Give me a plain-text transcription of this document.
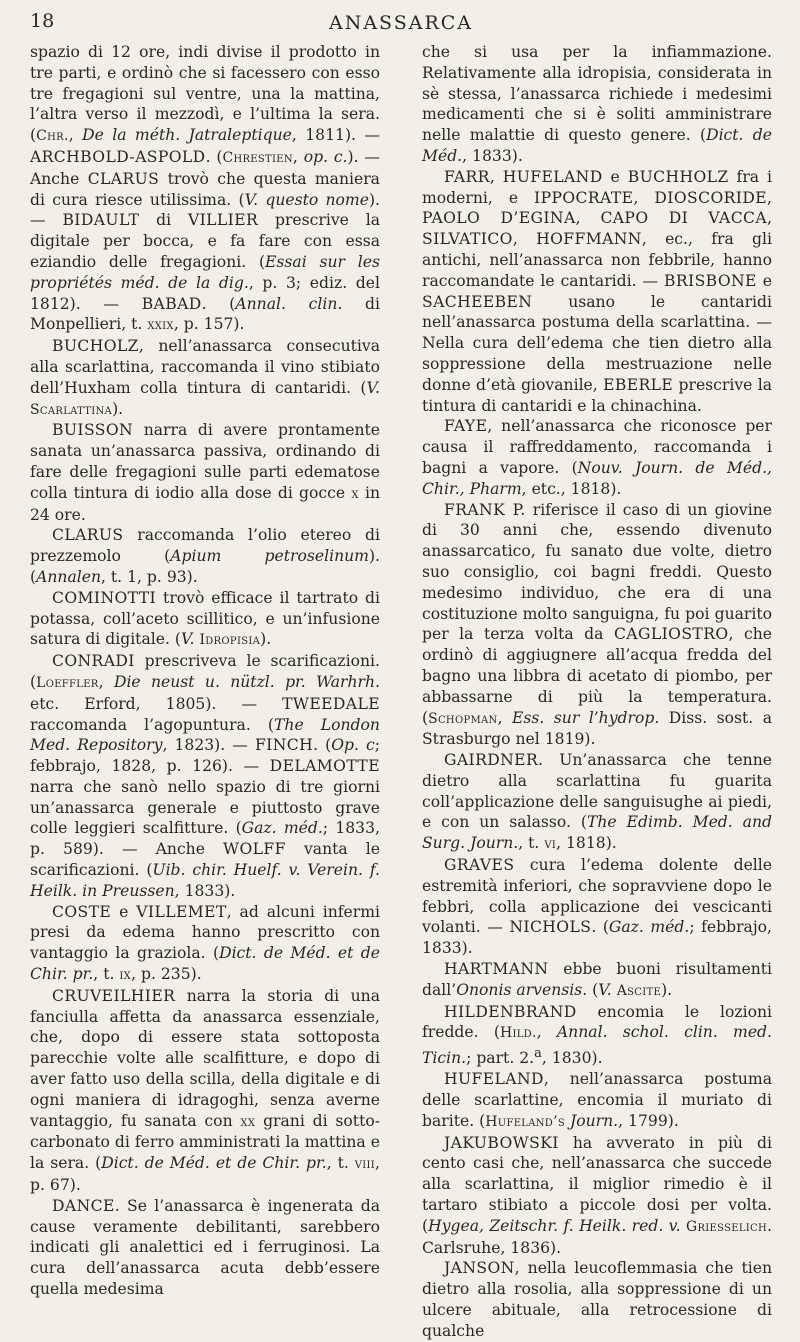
18	ANASSARCA

spazio di 12 ore, indi divise il prodotto in tre parti, e ordinò che si facessero con esso tre fregagioni sul ventre, una la mattina, l’altra verso il mezzodì, e l’ultima la sera. (Chr., De la méth. Jatraleptique, 1811). — ARCHBOLD-ASPOLD. (Chrestien, op. c.). — Anche CLARUS trovò che questa maniera di cura riesce utilissima. (V. questo nome). — BIDAULT di VILLIER prescrive la digitale per bocca, e fa fare con essa eziandio delle fregagioni. (Essai sur les propriétés méd. de la dig., p. 3; ediz. del 1812). — BABAD. (Annal. clin. di Monpellieri, t. xxix, p. 157).

BUCHOLZ, nell’anassarca consecutiva alla scarlattina, raccomanda il vino stibiato dell’Huxham colla tintura di cantaridi. (V. Scarlattina).

BUISSON narra di avere prontamente sanata un’anassarca passiva, ordinando di fare delle fregagioni sulle parti edematose colla tintura di iodio alla dose di gocce x in 24 ore.

CLARUS raccomanda l’olio etereo di prezzemolo (Apium petroselinum). (Annalen, t. 1, p. 93).

COMINOTTI trovò efficace il tartrato di potassa, coll’aceto scillitico, e un’infusione satura di digitale. (V. Idropisia).

CONRADI prescriveva le scarificazioni. (Loeffler, Die neust u. nützl. pr. Warhrh. etc. Erford, 1805). — TWEEDALE raccomanda l’agopuntura. (The London Med. Repository, 1823). — FINCH. (Op. c; febbrajo, 1828, p. 126). — DELAMOTTE narra che sanò nello spazio di tre giorni un’anassarca generale e piuttosto grave colle leggieri scalfitture. (Gaz. méd.; 1833, p. 589). — Anche WOLFF vanta le scarificazioni. (Uib. chir. Huelf. v. Verein. f. Heilk. in Preussen, 1833).

COSTE e VILLEMET, ad alcuni infermi presi da edema hanno prescritto con vantaggio la graziola. (Dict. de Méd. et de Chir. pr., t. ix, p. 235).

CRUVEILHIER narra la storia di una fanciulla affetta da anassarca essenziale, che, dopo di essere stata sottoposta parecchie volte alle scalfitture, e dopo di aver fatto uso della scilla, della digitale e di ogni maniera di idragoghi, senza averne vantaggio, fu sanata con xx grani di sotto-carbonato di ferro amministrati la mattina e la sera. (Dict. de Méd. et de Chir. pr., t. viii, p. 67).

DANCE. Se l’anassarca è ingenerata da cause veramente debilitanti, sarebbero indicati gli analettici ed i ferruginosi. La cura dell’anassarca acuta debb’essere quella medesima

che si usa per la infiammazione. Relativamente alla idropisia, considerata in sè stessa, l’anassarca richiede i medesimi medicamenti che si è soliti amministrare nelle malattie di questo genere. (Dict. de Méd., 1833).

FARR, HUFELAND e BUCHHOLZ fra i moderni, e IPPOCRATE, DIOSCORIDE, PAOLO D’EGINA, CAPO DI VACCA, SILVATICO, HOFFMANN, ec., fra gli antichi, nell’anassarca non febbrile, hanno raccomandate le cantaridi. — BRISBONE e SACHEEBEN usano le cantaridi nell’anassarca postuma della scarlattina. — Nella cura dell’edema che tien dietro alla soppressione della mestruazione nelle donne d’età giovanile, EBERLE prescrive la tintura di cantaridi e la chinachina.

FAYE, nell’anassarca che riconosce per causa il raffreddamento, raccomanda i bagni a vapore. (Nouv. Journ. de Méd., Chir., Pharm, etc., 1818).

FRANK P. riferisce il caso di un giovine di 30 anni che, essendo divenuto anassarcatico, fu sanato due volte, dietro suo consiglio, coi bagni freddi. Questo medesimo individuo, che era di una costituzione molto sanguigna, fu poi guarito per la terza volta da CAGLIOSTRO, che ordinò di aggiugnere all’acqua fredda del bagno una libbra di acetato di piombo, per abbassarne di più la temperatura. (Schopman, Ess. sur l’hydrop. Diss. sost. a Strasburgo nel 1819).

GAIRDNER. Un’anassarca che tenne dietro alla scarlattina fu guarita coll’applicazione delle sanguisughe ai piedi, e con un salasso. (The Edimb. Med. and Surg. Journ., t. vi, 1818).

GRAVES cura l’edema dolente delle estremità inferiori, che sopravviene dopo le febbri, colla applicazione dei vescicanti volanti. — NICHOLS. (Gaz. méd.; febbrajo, 1833).

HARTMANN ebbe buoni risultamenti dall’Ononis arvensis. (V. Ascite).

HILDENBRAND encomia le lozioni fredde. (Hild., Annal. schol. clin. med. Ticin.; part. 2.$^a$, 1830).

HUFELAND, nell’anassarca postuma delle scarlattine, encomia il muriato di barite. (Hufeland’s Journ., 1799).

JAKUBOWSKI ha avverato in più di cento casi che, nell’anassarca che succede alla scarlattina, il miglior rimedio è il tartaro stibiato a piccole dosi per volta. (Hygea, Zeitschr. f. Heilk. red. v. Griesselich. Carlsruhe, 1836).

JANSON, nella leucoflemmasia che tien dietro alla rosolia, alla soppressione di un ulcere abituale, alla retrocessione di qualche
